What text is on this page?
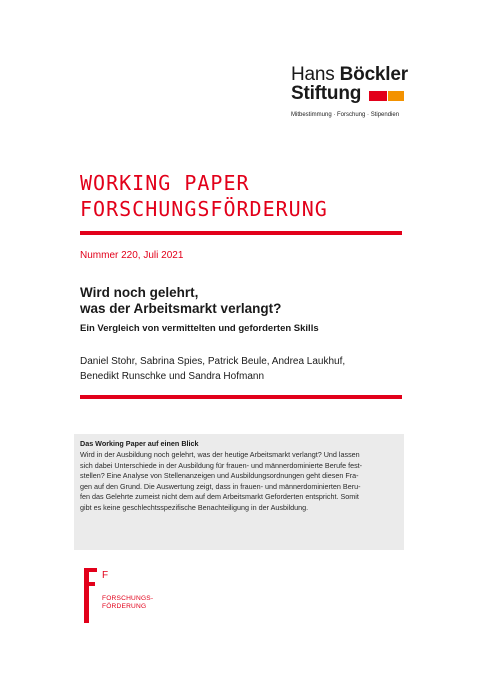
Hans Böckler
Stiftung
Mitbestimmung · Forschung · Stipendien
WORKING PAPER
FORSCHUNGSFÖRDERUNG
Nummer 220, Juli 2021
Wird noch gelehrt,
was der Arbeitsmarkt verlangt?
Ein Vergleich von vermittelten und geforderten Skills
Daniel Stohr, Sabrina Spies, Patrick Beule, Andrea Laukhuf,
Benedikt Runschke und Sandra Hofmann
Das Working Paper auf einen Blick
Wird in der Ausbildung noch gelehrt, was der heutige Arbeitsmarkt verlangt? Und lassen
sich dabei Unterschiede in der Ausbildung für frauen- und männerdominierte Berufe fest-
stellen? Eine Analyse von Stellenanzeigen und Ausbildungsordnungen geht diesen Fra-
gen auf den Grund. Die Auswertung zeigt, dass in frauen- und männerdominierten Beru-
fen das Gelehrte zumeist nicht dem auf dem Arbeitsmarkt Geforderten entspricht. Somit
gibt es keine geschlechtsspezifische Benachteiligung in der Ausbildung.
F
FORSCHUNGS-
FÖRDERUNG
